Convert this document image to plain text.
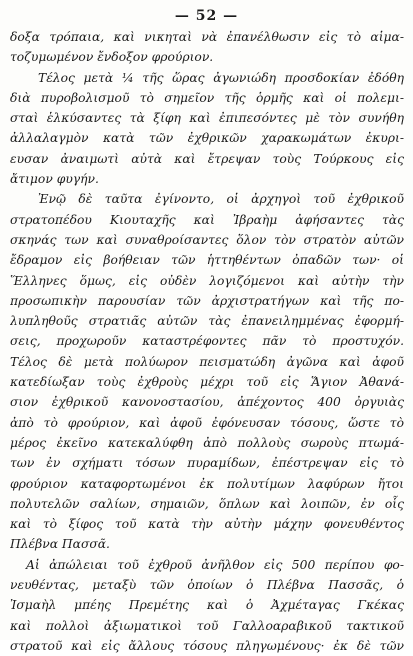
— 52 —

δοξα τρόπαια, καὶ νικηταὶ νὰ ἐπανέλθωσιν εἰς τὸ αἱμα-
τοζυμωμένον ἔνδοξον φρούριον.

Τέλος μετὰ ¼ τῆς ὥρας ἀγωνιώδη προσδοκίαν ἐδόθη
διὰ πυροβολισμοῦ τὸ σημεῖον τῆς ὁρμῆς καὶ οἱ πολεμι-
σταὶ ἑλκύσαντες τὰ ξίφη καὶ ἐπιπεσόντες μὲ τὸν συνήθη
ἀλλαλαγμὸν κατὰ τῶν ἐχθρικῶν χαρακωμάτων ἐκυρι-
ευσαν ἀναιμωτὶ αὐτὰ καὶ ἔτρεψαν τοὺς Τούρκους εἰς
ἄτιμον φυγήν.

Ἐνῷ δὲ ταῦτα ἐγίνοντο, οἱ ἀρχηγοὶ τοῦ ἐχθρικοῦ
στρατοπέδου Κιουταχῆς καὶ Ἰβραὴμ ἀφήσαντες τὰς
σκηνάς των καὶ συναθροίσαντες ὅλον τὸν στρατὸν αὐτῶν
ἔδραμον εἰς βοήθειαν τῶν ἡττηθέντων ὀπαδῶν των· οἱ
Ἕλληνες ὅμως, εἰς οὐδὲν λογιζόμενοι καὶ αὐτὴν τὴν
προσωπικὴν παρουσίαν τῶν ἀρχιστρατήγων καὶ τῆς πο-
λυπληθοῦς στρατιᾶς αὐτῶν τὰς ἐπανειλημμένας ἐφορμή-
σεις, προχωροῦν καταστρέφοντες πᾶν τὸ προστυχόν.
Τέλος δὲ μετὰ πολύωρον πεισματώδη ἀγῶνα καὶ ἀφοῦ
κατεδίωξαν τοὺς ἐχθροὺς μέχρι τοῦ εἰς Ἅγιον Ἀθανά-
σιον ἐχθρικοῦ κανονοστασίου, ἀπέχοντος 400 ὀργυιὰς
ἀπὸ τὸ φρούριον, καὶ ἀφοῦ ἐφόνευσαν τόσους, ὥστε τὸ
μέρος ἐκεῖνο κατεκαλύφθη ἀπὸ πολλοὺς σωροὺς πτωμά-
των ἐν σχήματι τόσων πυραμίδων, ἐπέστρεψαν εἰς τὸ
φρούριον καταφορτωμένοι ἐκ πολυτίμων λαφύρων ἤτοι
πολυτελῶν σαλίων, σημαιῶν, ὅπλων καὶ λοιπῶν, ἐν οἷς
καὶ τὸ ξίφος τοῦ κατὰ τὴν αὐτὴν μάχην φονευθέντος
Πλέβνα Πασσᾶ.

Αἱ ἀπώλειαι τοῦ ἐχθροῦ ἀνῆλθον εἰς 500 περίπου φο-
νευθέντας, μεταξὺ τῶν ὁποίων ὁ Πλέβνα Πασσᾶς, ὁ
Ἰσμαὴλ μπέης Πρεμέτης καὶ ὁ Ἀχμέταγας Γκέκας
καὶ πολλοὶ ἀξιωματικοὶ τοῦ Γαλλοαραβικοῦ τακτικοῦ
στρατοῦ καὶ εἰς ἄλλους τόσους πληγωμένους· ἐκ δὲ τῶν
